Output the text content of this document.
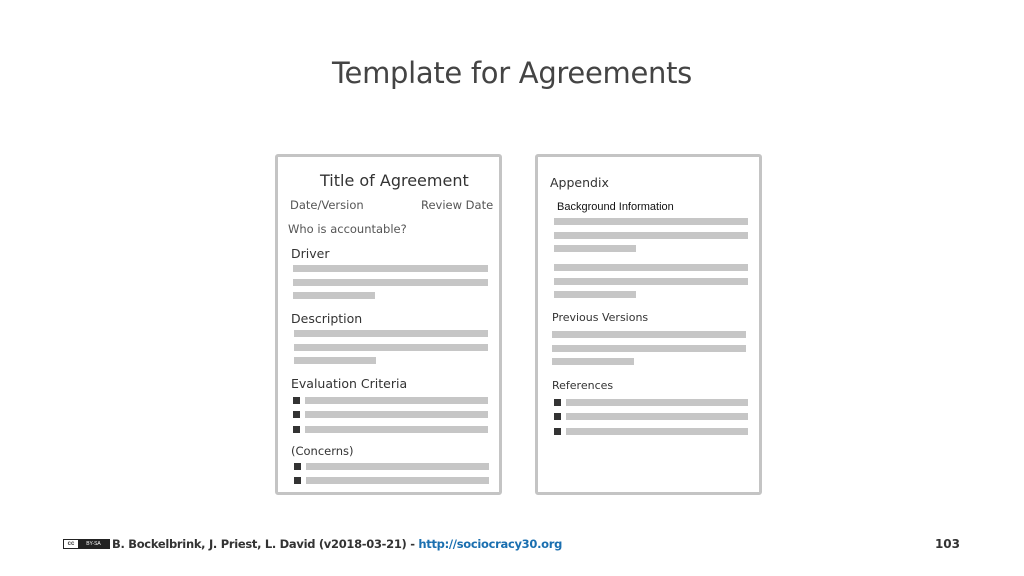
Template for Agreements
Title of Agreement
Date/Version	Review Date
Who is accountable?
Driver
Description
Evaluation Criteria
(Concerns)
Appendix
Background Information
Previous Versions
References
cc	BY-SA B. Bockelbrink, J. Priest, L. David (v2018-03-21) - http://sociocracy30.org	103
